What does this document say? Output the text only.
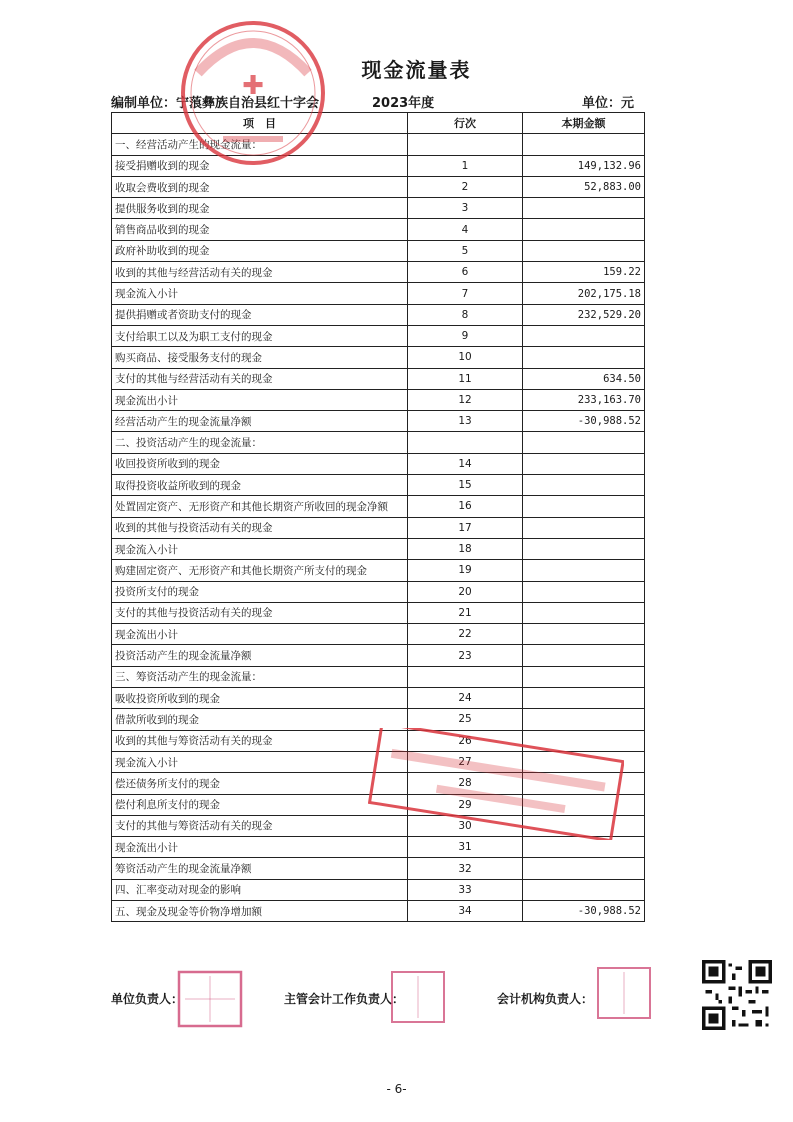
现金流量表
编制单位：宁蒗彝族自治县红十字会	2023年度	单位：元
项　目	行次	本期金额
一、经营活动产生的现金流量：		
接受捐赠收到的现金	1	149,132.96
收取会费收到的现金	2	52,883.00
提供服务收到的现金	3	
销售商品收到的现金	4	
政府补助收到的现金	5	
收到的其他与经营活动有关的现金	6	159.22
现金流入小计	7	202,175.18
提供捐赠或者资助支付的现金	8	232,529.20
支付给职工以及为职工支付的现金	9	
购买商品、接受服务支付的现金	10	
支付的其他与经营活动有关的现金	11	634.50
现金流出小计	12	233,163.70
经营活动产生的现金流量净额	13	-30,988.52
二、投资活动产生的现金流量：		
收回投资所收到的现金	14	
取得投资收益所收到的现金	15	
处置固定资产、无形资产和其他长期资产所收回的现金净额	16	
收到的其他与投资活动有关的现金	17	
现金流入小计	18	
购建固定资产、无形资产和其他长期资产所支付的现金	19	
投资所支付的现金	20	
支付的其他与投资活动有关的现金	21	
现金流出小计	22	
投资活动产生的现金流量净额	23	
三、筹资活动产生的现金流量：		
吸收投资所收到的现金	24	
借款所收到的现金	25	
收到的其他与筹资活动有关的现金	26	
现金流入小计	27	
偿还债务所支付的现金	28	
偿付利息所支付的现金	29	
支付的其他与筹资活动有关的现金	30	
现金流出小计	31	
筹资活动产生的现金流量净额	32	
四、汇率变动对现金的影响	33	
五、现金及现金等价物净增加额	34	-30,988.52
单位负责人：	主管会计工作负责人：	会计机构负责人：
✚
- 6-
